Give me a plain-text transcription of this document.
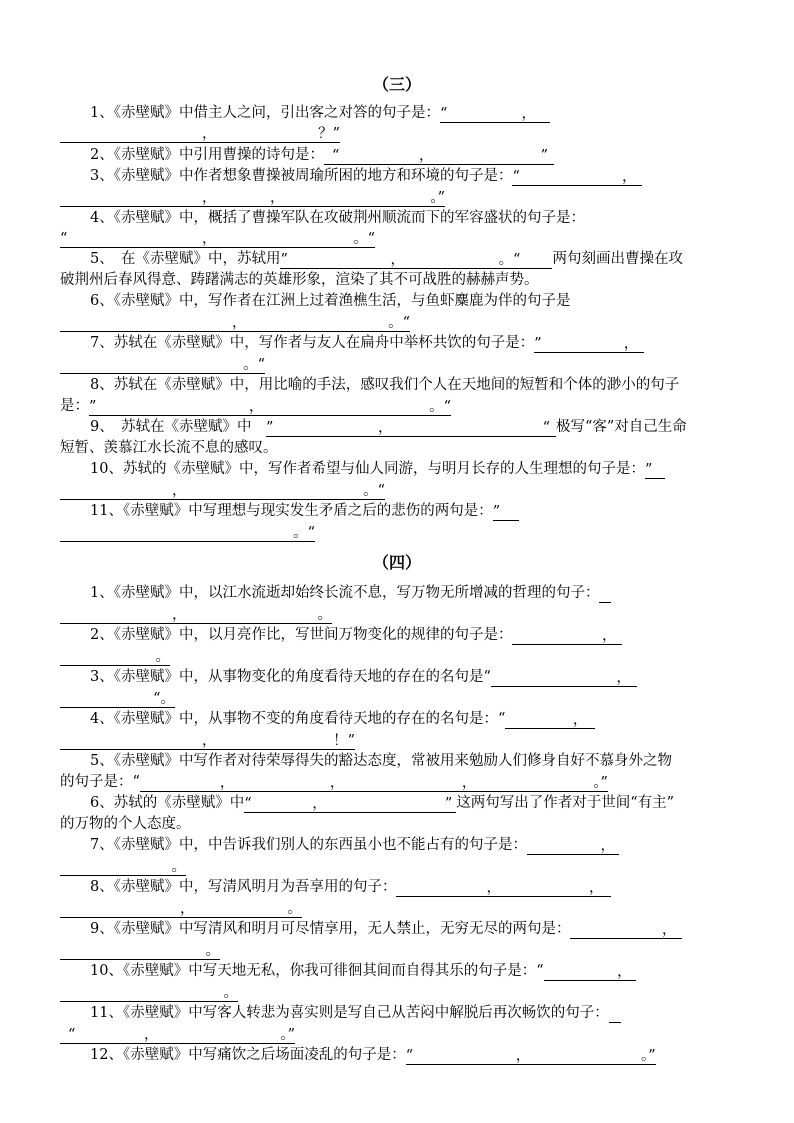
（三）
1、《赤壁赋》中借主人之问，引出客之对答的句子是： “	，
，	？”
2、《赤壁赋》中引用曹操的诗句是： “	，	”
3、《赤壁赋》中作者想象曹操被周瑜所困的地方和环境的句子是： “	，
，	，	。”
4、《赤壁赋》中，概括了曹操军队在攻破荆州顺流而下的军容盛状的句子是：
“	，	。“
5、　在《赤壁赋》中，苏轼用 ”	，	。“ 两句刻画出曹操在攻
破荆州后春风得意、踌躇满志的英雄形象，渲染了其不可战胜的赫赫声势。
6、《赤壁赋》中，写作者在江洲上过着渔樵生活，与鱼虾麋鹿为伴的句子是
，	。“
7、苏轼在《赤壁赋》中，写作者与友人在扁舟中举杯共饮的句子是： ”	，
。“
8、苏轼在《赤壁赋》中，用比喻的手法，感叹我们个人在天地间的短暂和个体的渺小的句子
是： ”	，	。“
9、　苏轼在《赤壁赋》中　 ”	，	“ 极写“客”对自己生命
短暂、羡慕江水长流不息的感叹。
10、苏轼的《赤壁赋》中，写作者希望与仙人同游，与明月长存的人生理想的句子是： ”
，	。“
11、《赤壁赋》中写理想与现实发生矛盾之后的悲伤的两句是： ”
。“
（四）
1、《赤壁赋》中，以江水流逝却始终长流不息，写万物无所增减的哲理的句子：
，	。
2、《赤壁赋》中，以月亮作比，写世间万物变化的规律的句子是：	，
。
3、《赤壁赋》中，从事物变化的角度看待天地的存在的名句是“	，
“。
4、《赤壁赋》中，从事物不变的角度看待天地的存在的名句是：“	，
，	！”
5、《赤壁赋》中写作者对待荣辱得失的豁达态度，常被用来勉励人们修身自好不慕身外之物
的句子是：“	，	，	，	。”
6、苏轼的《赤壁赋》中 “	，	” 这两句写出了作者对于世间“有主”
的万物的个人态度。
7、《赤壁赋》中，中告诉我们别人的东西虽小也不能占有的句子是：	，
。
8、《赤壁赋》中，写清风明月为吾享用的句子：	，	，
，	。
9、《赤壁赋》中写清风和明月可尽情享用，无人禁止，无穷无尽的两句是：	，
。
10、《赤壁赋》中写天地无私，你我可徘徊其间而自得其乐的句子是：“	，
。
11、《赤壁赋》中写客人转悲为喜实则是写自己从苦闷中解脱后再次畅饮的句子：
“	，	。”
12、《赤壁赋》中写痛饮之后场面凌乱的句子是： “	，	。”
